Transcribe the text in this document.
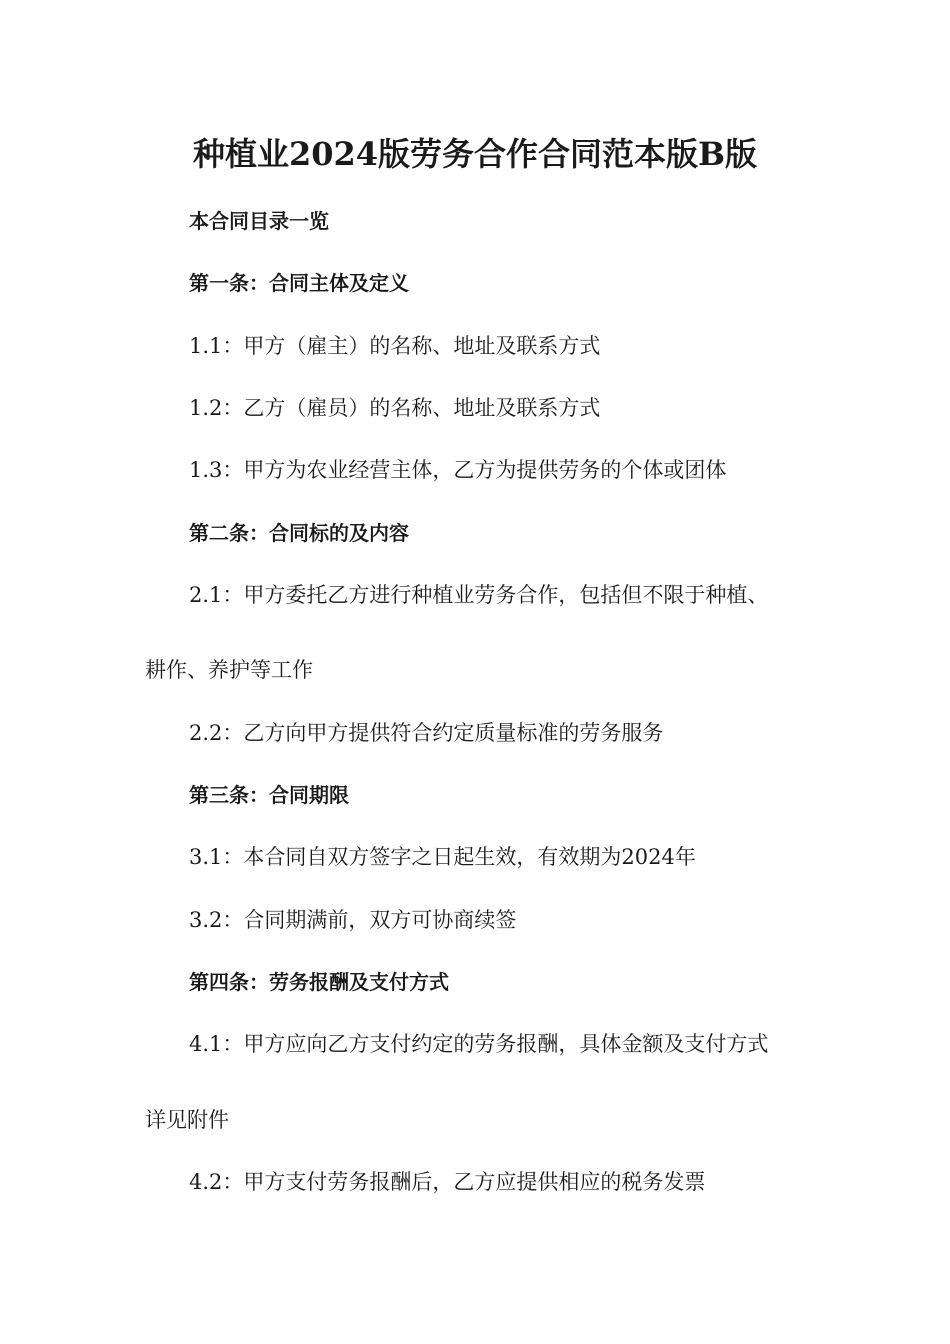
种植业2024版劳务合作合同范本版B版
本合同目录一览
第一条：合同主体及定义
1.1：甲方（雇主）的名称、地址及联系方式
1.2：乙方（雇员）的名称、地址及联系方式
1.3：甲方为农业经营主体，乙方为提供劳务的个体或团体
第二条：合同标的及内容
2.1：甲方委托乙方进行种植业劳务合作，包括但不限于种植、
耕作、养护等工作
2.2：乙方向甲方提供符合约定质量标准的劳务服务
第三条：合同期限
3.1：本合同自双方签字之日起生效，有效期为2024年
3.2：合同期满前，双方可协商续签
第四条：劳务报酬及支付方式
4.1：甲方应向乙方支付约定的劳务报酬，具体金额及支付方式
详见附件
4.2：甲方支付劳务报酬后，乙方应提供相应的税务发票
